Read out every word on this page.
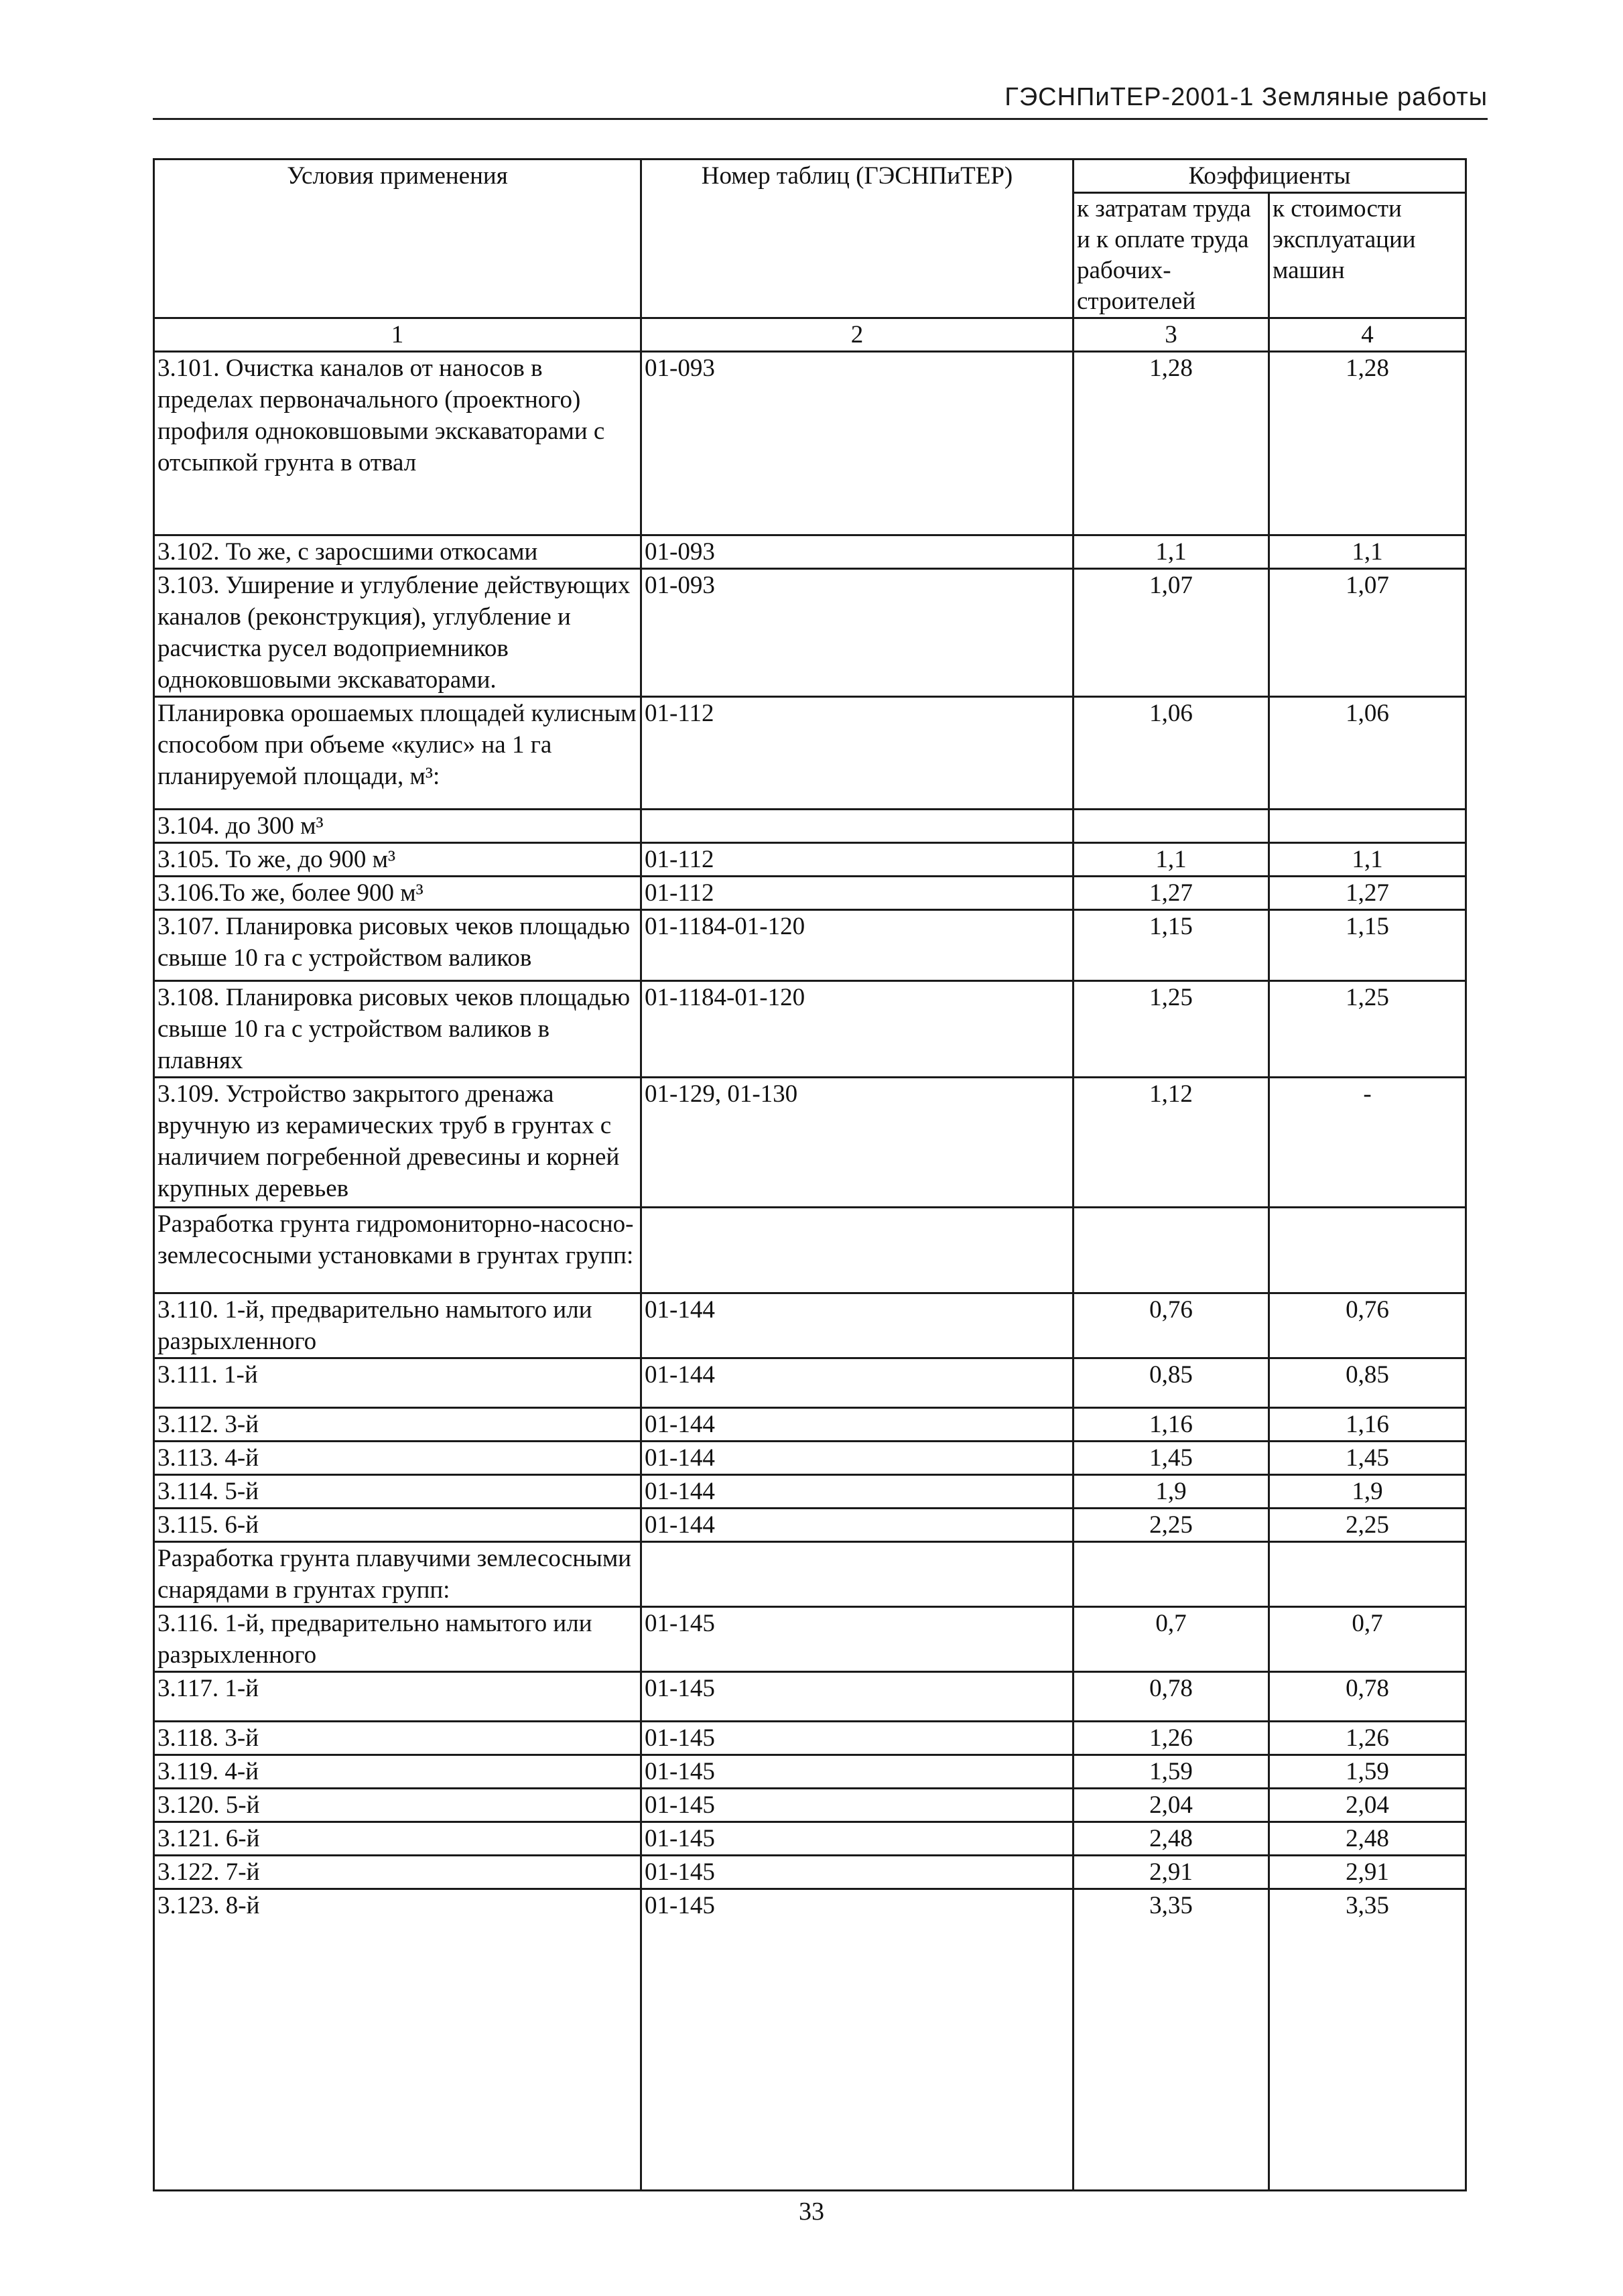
ГЭСНПиТЕР-2001-1 Земляные работы
Условия применения	Номер таблиц (ГЭСНПиТЕР)	Коэффициенты	
		к затратам труда и к оплате труда рабочих-строителей	к стоимости эксплуатации машин
1	2	3	4
3.101. Очистка каналов от наносов в пределах первоначального (проектного) профиля одноковшовыми экскаваторами с отсыпкой грунта в отвал	01-093	1,28	1,28
3.102. То же, с заросшими откосами	01-093	1,1	1,1
3.103. Уширение и углубление действующих каналов (реконструкция), углубление и расчистка русел водоприемников одноковшовыми экскаваторами.	01-093	1,07	1,07
Планировка орошаемых площадей кулисным способом при объеме «кулис» на 1 га планируемой площади, м³:	01-112	1,06	1,06
3.104. до 300 м³			
3.105. То же, до 900 м³	01-112	1,1	1,1
3.106.То же, более 900 м³	01-112	1,27	1,27
3.107. Планировка рисовых чеков площадью свыше 10 га с устройством валиков	01-1184-01-120	1,15	1,15
3.108. Планировка рисовых чеков площадью свыше 10 га с устройством валиков в плавнях	01-1184-01-120	1,25	1,25
3.109. Устройство закрытого дренажа вручную из керамических труб в грунтах с наличием погребенной древесины и корней крупных деревьев	01-129, 01-130	1,12	-
Разработка грунта гидромониторно-насосно-землесосными установками в грунтах групп:			
3.110. 1-й, предварительно намытого или разрыхленного	01-144	0,76	0,76
3.111. 1-й	01-144	0,85	0,85
3.112. 3-й	01-144	1,16	1,16
3.113. 4-й	01-144	1,45	1,45
3.114. 5-й	01-144	1,9	1,9
3.115. 6-й	01-144	2,25	2,25
Разработка грунта плавучими землесосными снарядами в грунтах групп:			
3.116. 1-й, предварительно намытого или разрыхленного	01-145	0,7	0,7
3.117. 1-й	01-145	0,78	0,78
3.118. 3-й	01-145	1,26	1,26
3.119. 4-й	01-145	1,59	1,59
3.120. 5-й	01-145	2,04	2,04
3.121. 6-й	01-145	2,48	2,48
3.122. 7-й	01-145	2,91	2,91
3.123. 8-й	01-145	3,35	3,35
33
